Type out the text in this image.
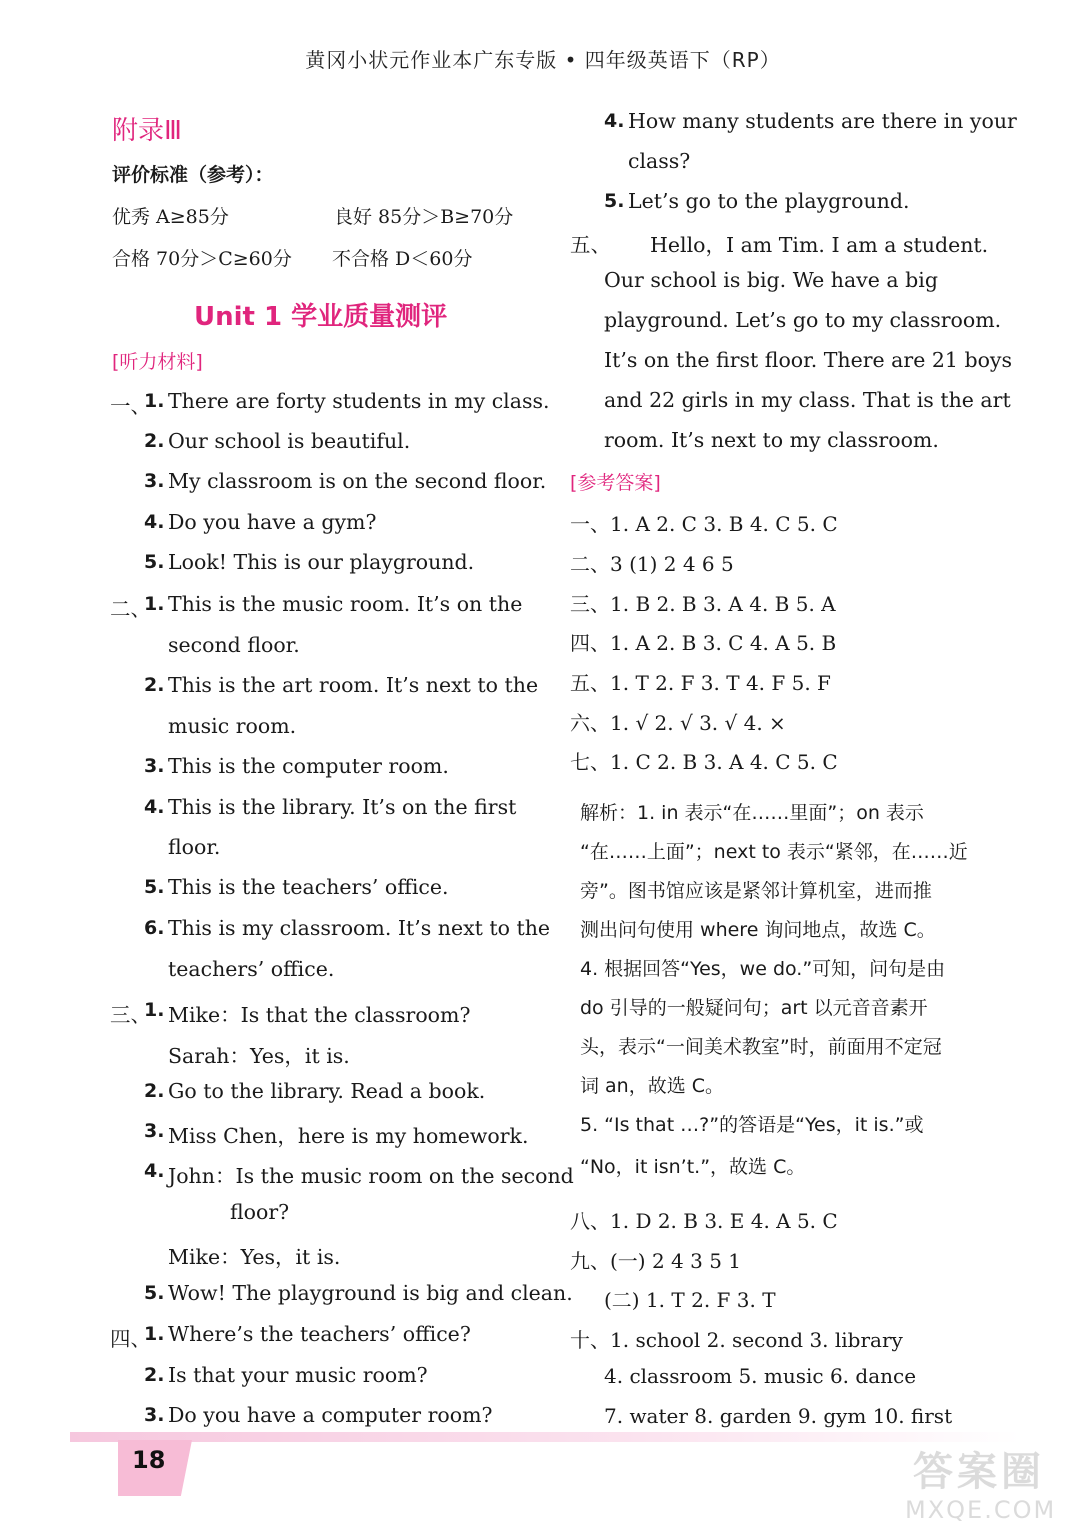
黄冈小状元作业本广东专版 • 四年级英语下（RP）
附录Ⅲ
评价标准（参考）：
优秀 A≥85分	良好 85分＞B≥70分
合格 70分＞C≥60分 不合格 D＜60分
Unit 1 学业质量测评
[听力材料]
一、
1. There are forty students in my class.
2. Our school is beautiful.
3. My classroom is on the second floor.
4. Do you have a gym?
5. Look! This is our playground.
二、
1. This is the music room. It’s on the
second floor.
2. This is the art room. It’s next to the
music room.
3. This is the computer room.
4. This is the library. It’s on the first
floor.
5. This is the teachers’ office.
6. This is my classroom. It’s next to the
teachers’ office.
三、
1. Mike：Is that the classroom?
Sarah：Yes，it is.
2. Go to the library. Read a book.
3. Miss Chen，here is my homework.
4. John：Is the music room on the second
floor?
Mike：Yes，it is.
5. Wow! The playground is big and clean.
四、
1. Where’s the teachers’ office?
2. Is that your music room?
3. Do you have a computer room?
4. How many students are there in your
class?
5. Let’s go to the playground.
五、 Hello，I am Tim. I am a student.
Our school is big. We have a big
playground. Let’s go to my classroom.
It’s on the first floor. There are 21 boys
and 22 girls in my class. That is the art
room. It’s next to my classroom.
[参考答案]
一、1. A 2. C 3. B 4. C 5. C
二、3 (1) 2 4 6 5
三、1. B 2. B 3. A 4. B 5. A
四、1. A 2. B 3. C 4. A 5. B
五、1. T 2. F 3. T 4. F 5. F
六、1. √ 2. √ 3. √ 4. ×
七、1. C 2. B 3. A 4. C 5. C
解析：1. in 表示“在……里面”；on 表示
“在……上面”；next to 表示“紧邻，在……近
旁”。图书馆应该是紧邻计算机室，进而推
测出问句使用 where 询问地点，故选 C。
4. 根据回答“Yes，we do.”可知，问句是由
do 引导的一般疑问句；art 以元音音素开
头，表示“一间美术教室”时，前面用不定冠
词 an，故选 C。
5. “Is that …?”的答语是“Yes，it is.”或
“No，it isn’t.”，故选 C。
八、1. D 2. B 3. E 4. A 5. C
九、(一) 2 4 3 5 1
(二) 1. T 2. F 3. T
十、1. school 2. second 3. library
4. classroom 5. music 6. dance
7. water 8. garden 9. gym 10. first
18	答案圈
MXQE.COM
